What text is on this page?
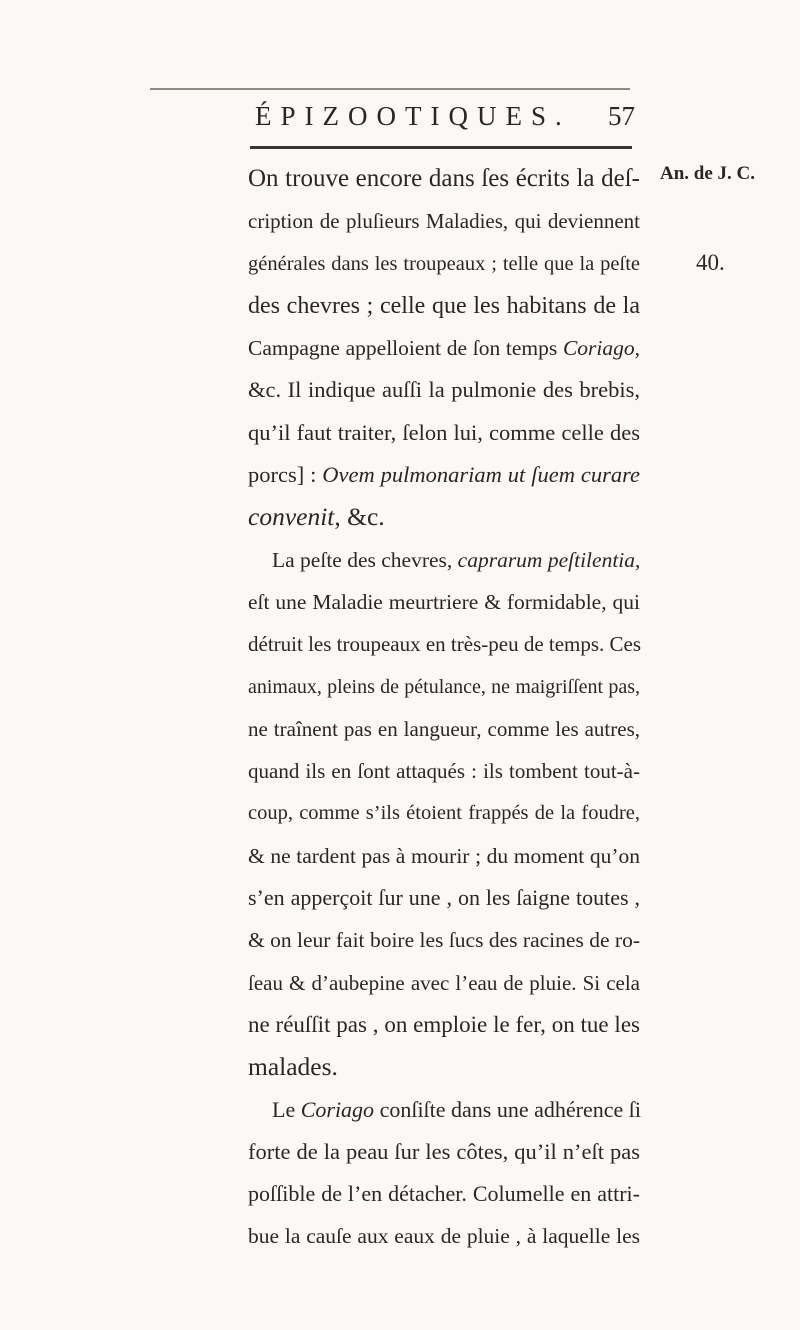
ÉPIZOOTIQUES. 57
An. de J. C.
40.
On trouve encore dans ſes écrits la deſ-
cription de pluſieurs Maladies, qui deviennent
générales dans les troupeaux ; telle que la peſte
des chevres ; celle que les habitans de la
Campagne appelloient de ſon temps Coriago,
&c. Il indique auſſi la pulmonie des brebis,
qu’il faut traiter, ſelon lui, comme celle des
porcs] : Ovem pulmonariam ut ſuem curare
convenit, &c.
La peſte des chevres, caprarum peſtilentia,
eſt une Maladie meurtriere & formidable, qui
détruit les troupeaux en très-peu de temps. Ces
animaux, pleins de pétulance, ne maigriſſent pas,
ne traînent pas en langueur, comme les autres,
quand ils en ſont attaqués : ils tombent tout-à-
coup, comme s’ils étoient frappés de la foudre,
& ne tardent pas à mourir ; du moment qu’on
s’en apperçoit ſur une , on les ſaigne toutes ,
& on leur fait boire les ſucs des racines de ro-
ſeau & d’aubepine avec l’eau de pluie. Si cela
ne réuſſit pas , on emploie le fer, on tue les
malades.
Le Coriago conſiſte dans une adhérence ſi
forte de la peau ſur les côtes, qu’il n’eſt pas
poſſible de l’en détacher. Columelle en attri-
bue la cauſe aux eaux de pluie , à laquelle les
